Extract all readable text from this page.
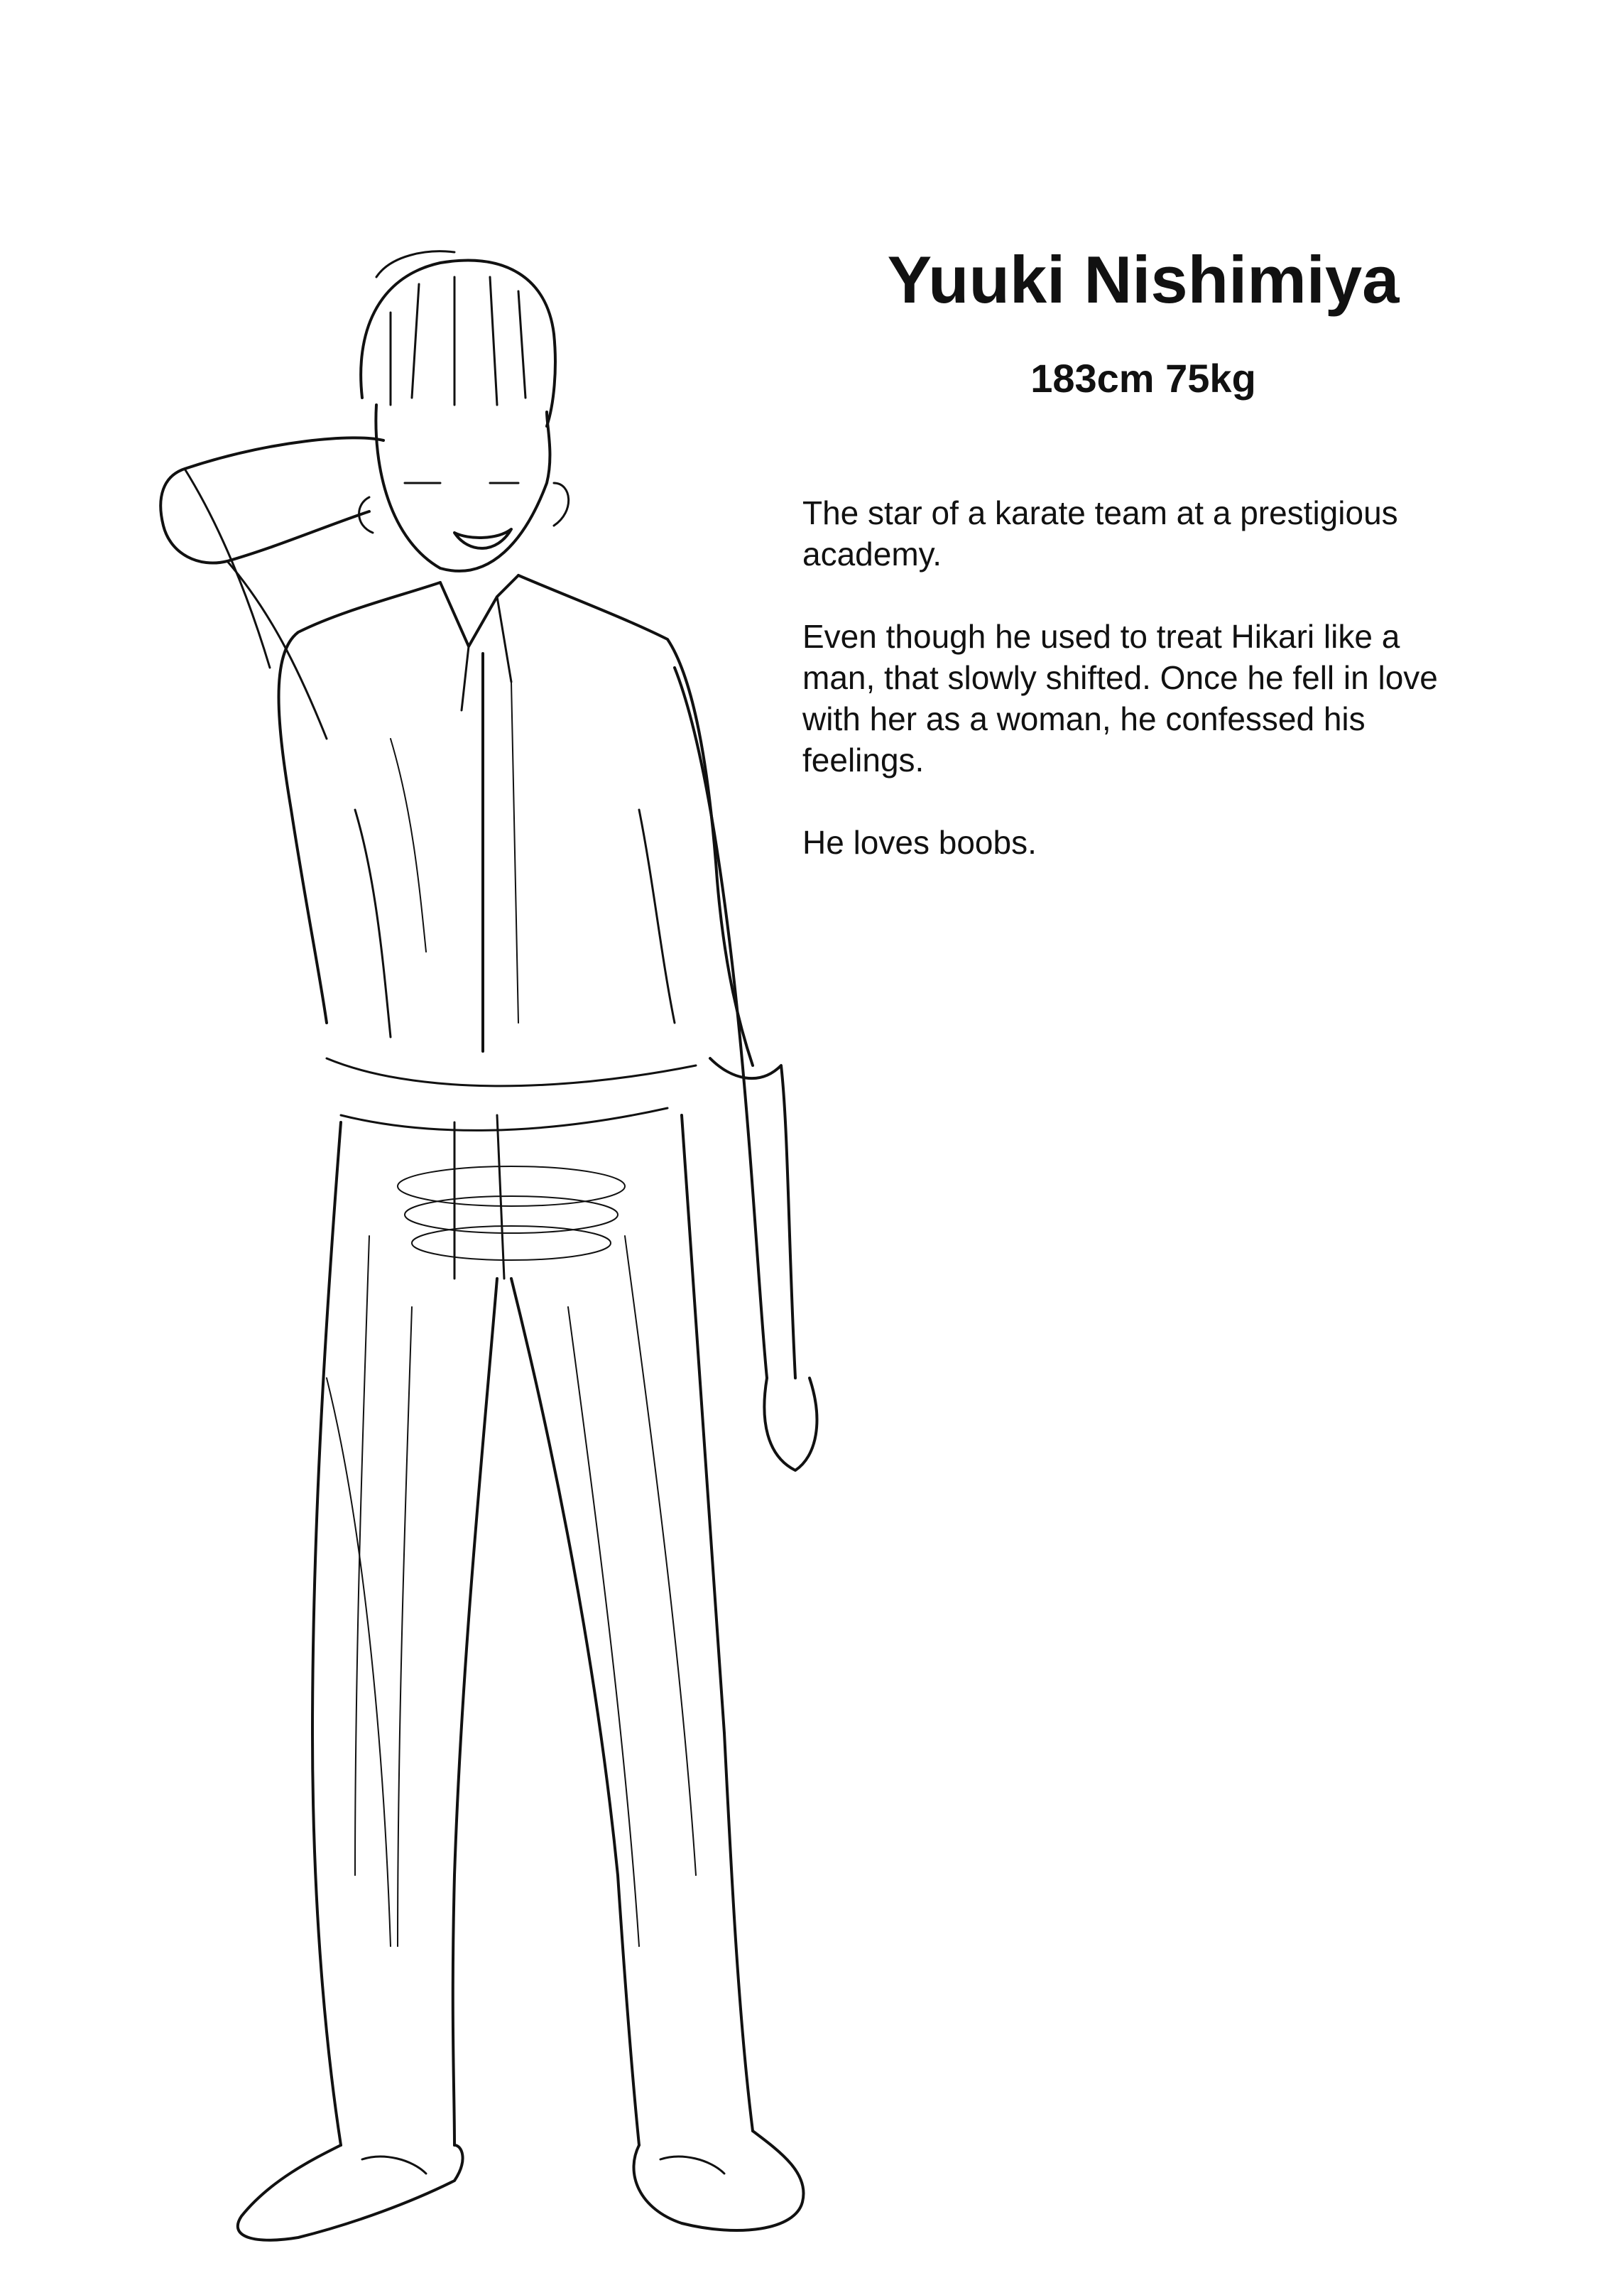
Yuuki Nishimiya
183cm 75kg

The star of a karate team at a prestigious academy.

Even though he used to treat Hikari like a man, that slowly shifted. Once he fell in love with her as a woman, he confessed his feelings.

He loves boobs.
